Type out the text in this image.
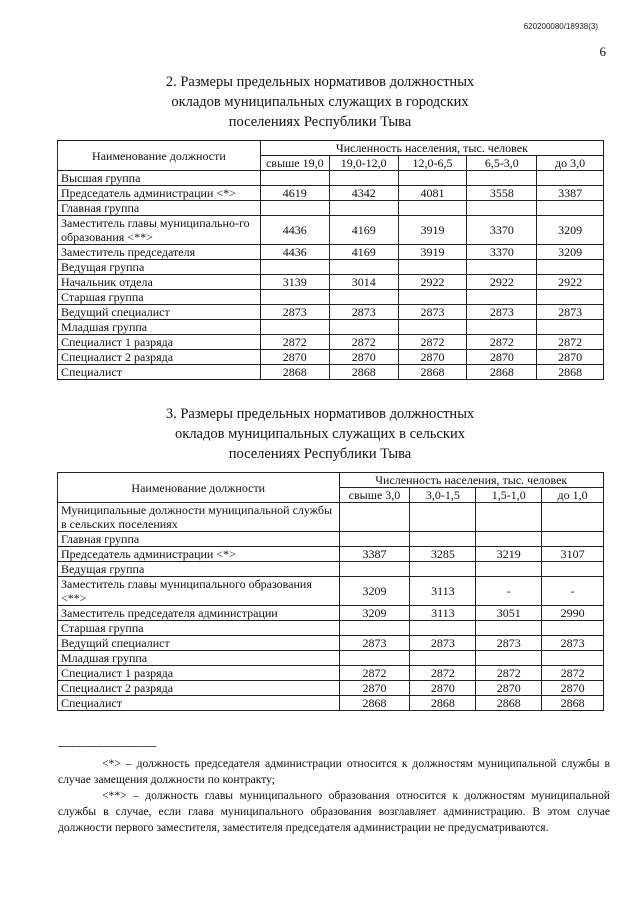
620200080/18938(3)
6
2. Размеры предельных нормативов должностных
окладов муниципальных служащих в городских
поселениях Республики Тыва
Наименование должности	Численность населения, тыс. человек				
	свыше 19,0	19,0-12,0	12,0-6,5	6,5-3,0	до 3,0
Высшая группа					
Председатель администрации <*>	4619	4342	4081	3558	3387
Главная группа					
Заместитель главы муниципально-го образования <**>	4436	4169	3919	3370	3209
Заместитель председателя	4436	4169	3919	3370	3209
Ведущая группа					
Начальник отдела	3139	3014	2922	2922	2922
Старшая группа					
Ведущий специалист	2873	2873	2873	2873	2873
Младшая группа					
Специалист 1 разряда	2872	2872	2872	2872	2872
Специалист 2 разряда	2870	2870	2870	2870	2870
Специалист	2868	2868	2868	2868	2868
3. Размеры предельных нормативов должностных
окладов муниципальных служащих в сельских
поселениях Республики Тыва
Наименование должности	Численность населения, тыс. человек			
	свыше 3,0	3,0-1,5	1,5-1,0	до 1,0
Муниципальные должности муниципальной службы в сельских поселениях				
Главная группа				
Председатель администрации <*>	3387	3285	3219	3107
Ведущая группа				
Заместитель главы муниципального образования <**>	3209	3113	-	-
Заместитель председателя администрации	3209	3113	3051	2990
Старшая группа				
Ведущий специалист	2873	2873	2873	2873
Младшая группа				
Специалист 1 разряда	2872	2872	2872	2872
Специалист 2 разряда	2870	2870	2870	2870
Специалист	2868	2868	2868	2868
-------------------------------

<*> – должность председателя администрации относится к должностям муниципальной службы в случае замещения должности по контракту;

<**> – должность главы муниципального образования относится к должностям муниципальной службы в случае, если глава муниципального образования возглавляет администрацию. В этом случае должности первого заместителя, заместителя председателя администрации не предусматриваются.
